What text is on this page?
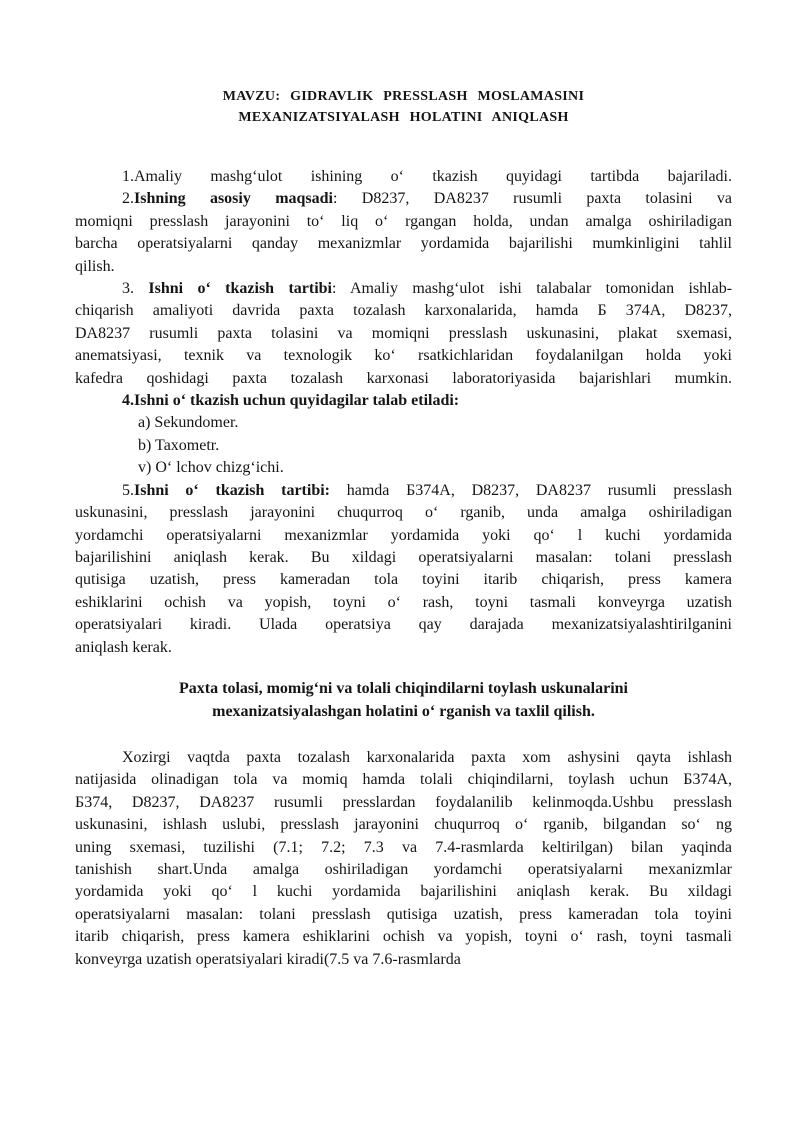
MAVZU: GIDRAVLIK PRESSLASH MOSLAMASINI
MEXANIZATSIYALASH HOLATINI ANIQLASH
1.Amaliy mashg‘ulot ishining o‘ tkazish quyidagi tartibda bajariladi.
2.Ishning asosiy maqsadi: D8237, DA8237 rusumli paxta tolasini va
momiqni presslash jarayonini to‘ liq o‘ rgangan holda, undan amalga oshiriladigan
barcha operatsiyalarni qanday mexanizmlar yordamida bajarilishi mumkinligini tahlil
qilish.
3. Ishni o‘ tkazish tartibi: Amaliy mashg‘ulot ishi talabalar tomonidan ishlab-
chiqarish amaliyoti davrida paxta tozalash karxonalarida, hamda Б 374А, D8237,
DA8237 rusumli paxta tolasini va momiqni presslash uskunasini, plakat sxemasi,
anematsiyasi, texnik va texnologik ko‘ rsatkichlaridan foydalanilgan holda yoki
kafedra qoshidagi paxta tozalash karxonasi laboratoriyasida bajarishlari mumkin.
4.Ishni o‘ tkazish uchun quyidagilar talab etiladi:
a) Sekundomer.
b) Taxometr.
v) O‘ lchov chizg‘ichi.
5.Ishni o‘ tkazish tartibi: hamda Б374А, D8237, DA8237 rusumli presslash
uskunasini, presslash jarayonini chuqurroq o‘ rganib, unda amalga oshiriladigan
yordamchi operatsiyalarni mexanizmlar yordamida yoki qo‘ l kuchi yordamida
bajarilishini aniqlash kerak. Bu xildagi operatsiyalarni masalan: tolani presslash
qutisiga uzatish, press kameradan tola toyini itarib chiqarish, press kamera
eshiklarini ochish va yopish, toyni o‘ rash, toyni tasmali konveyrga uzatish
operatsiyalari kiradi. Ulada operatsiya qay darajada mexanizatsiyalashtirilganini
aniqlash kerak.
Paxta tolasi, momig‘ni va tolali chiqindilarni toylash uskunalarini
mexanizatsiyalashgan holatini o‘ rganish va taxlil qilish.
Xozirgi vaqtda paxta tozalash karxonalarida paxta xom ashysini qayta ishlash
natijasida olinadigan tola va momiq hamda tolali chiqindilarni, toylash uchun Б374А,
Б374, D8237, DA8237 rusumli presslardan foydalanilib kelinmoqda.Ushbu presslash
uskunasini, ishlash uslubi, presslash jarayonini chuqurroq o‘ rganib, bilgandan so‘ ng
uning sxemasi, tuzilishi (7.1; 7.2; 7.3 va 7.4-rasmlarda keltirilgan) bilan yaqinda
tanishish shart.Unda amalga oshiriladigan yordamchi operatsiyalarni mexanizmlar
yordamida yoki qo‘ l kuchi yordamida bajarilishini aniqlash kerak. Bu xildagi
operatsiyalarni masalan: tolani presslash qutisiga uzatish, press kameradan tola toyini
itarib chiqarish, press kamera eshiklarini ochish va yopish, toyni o‘ rash, toyni tasmali
konveyrga uzatish operatsiyalari kiradi(7.5 va 7.6-rasmlarda
